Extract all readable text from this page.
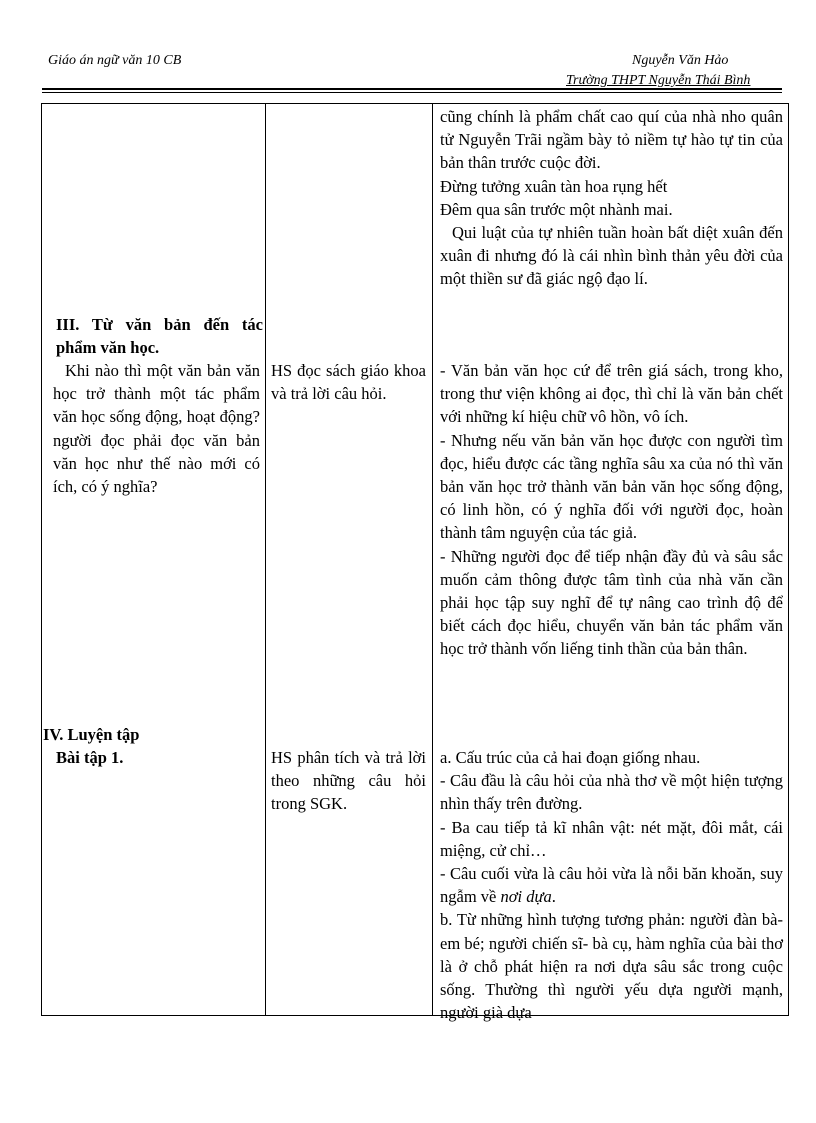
Giáo án ngữ văn 10 CB	Nguyễn Văn Hảo
Trường THPT Nguyễn Thái Bình

cũng chính là phẩm chất cao quí của nhà nho quân tử Nguyễn Trãi ngầm bày tỏ niềm tự hào tự tin của bản thân trước cuộc đời.

Đừng tưởng xuân tàn hoa rụng hết

Đêm qua sân trước một nhành mai.

Qui luật của tự nhiên tuần hoàn bất diệt xuân đến xuân đi nhưng đó là cái nhìn bình thản yêu đời của một thiền sư đã giác ngộ đạo lí.

III. Từ văn bản đến tác phẩm văn học.
Khi nào thì một văn bản văn học trở thành một tác phẩm văn học sống động, hoạt động? người đọc phải đọc văn bản văn học như thế nào mới có ích, có ý nghĩa?
HS đọc sách giáo khoa và trả lời câu hỏi.

- Văn bản văn học cứ để trên giá sách, trong kho, trong thư viện không ai đọc, thì chỉ là văn bản chết với những kí hiệu chữ vô hồn, vô ích.

- Nhưng nếu văn bản văn học được con người tìm đọc, hiểu được các tầng nghĩa sâu xa của nó thì văn bản văn học trở thành văn bản văn học sống động, có linh hồn, có ý nghĩa đối với người đọc, hoàn thành tâm nguyện của tác giả.

- Những người đọc để tiếp nhận đầy đủ và sâu sắc muốn cảm thông được tâm tình của nhà văn cần phải học tập suy nghĩ để tự nâng cao trình độ để biết cách đọc hiểu, chuyển văn bản tác phẩm văn học trở thành vốn liếng tinh thần của bản thân.

IV. Luyện tập
Bài tập 1.	HS phân tích và trả lời theo những câu hỏi trong SGK.

a. Cấu trúc của cả hai đoạn giống nhau.

- Câu đầu là câu hỏi của nhà thơ về một hiện tượng nhìn thấy trên đường.

- Ba cau tiếp tả kĩ nhân vật: nét mặt, đôi mắt, cái miệng, cử chỉ…

- Câu cuối vừa là câu hỏi vừa là nỗi băn khoăn, suy ngẫm về nơi dựa.

b. Từ những hình tượng tương phản: người đàn bà- em bé; người chiến sĩ- bà cụ, hàm nghĩa của bài thơ là ở chỗ phát hiện ra nơi dựa sâu sắc trong cuộc sống. Thường thì người yếu dựa người mạnh, người già dựa
